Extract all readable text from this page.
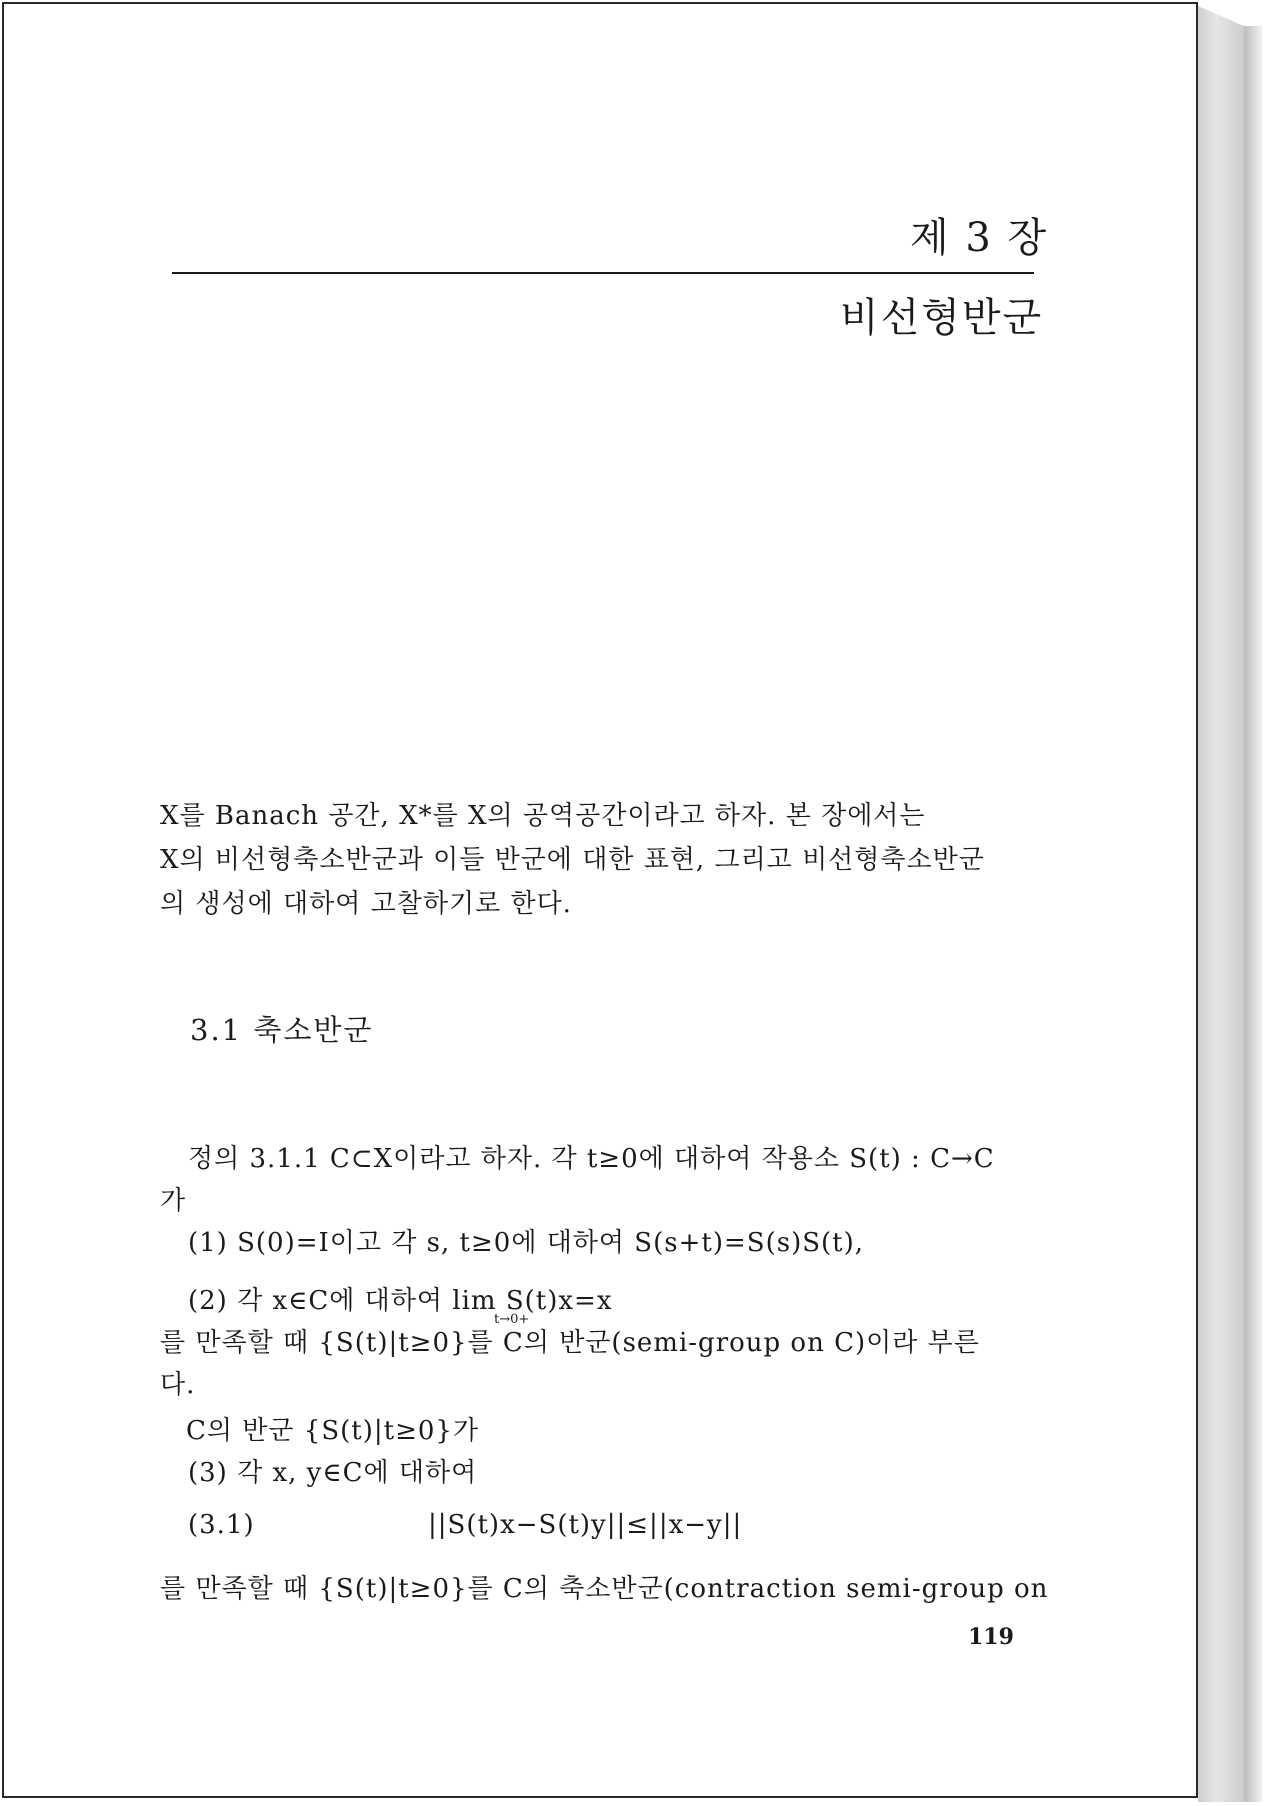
제 3 장
비선형반군
X를 Banach 공간, X*를 X의 공역공간이라고 하자. 본 장에서는
X의 비선형축소반군과 이들 반군에 대한 표현, 그리고 비선형축소반군
의 생성에 대하여 고찰하기로 한다.
3.1 축소반군
정의 3.1.1 C⊂X이라고 하자. 각 t≥0에 대하여 작용소 S(t) : C→C
가
(1) S(0)=I이고 각 s, t≥0에 대하여 S(s+t)=S(s)S(t),
(2) 각 x∈C에 대하여 lim S(t)x=x
t→0+
를 만족할 때 {S(t)|t≥0}를 C의 반군(semi-group on C)이라 부른
다.
C의 반군 {S(t)|t≥0}가
(3) 각 x, y∈C에 대하여
(3.1)	||S(t)x−S(t)y||≤||x−y||
를 만족할 때 {S(t)|t≥0}를 C의 축소반군(contraction semi-group on
119
